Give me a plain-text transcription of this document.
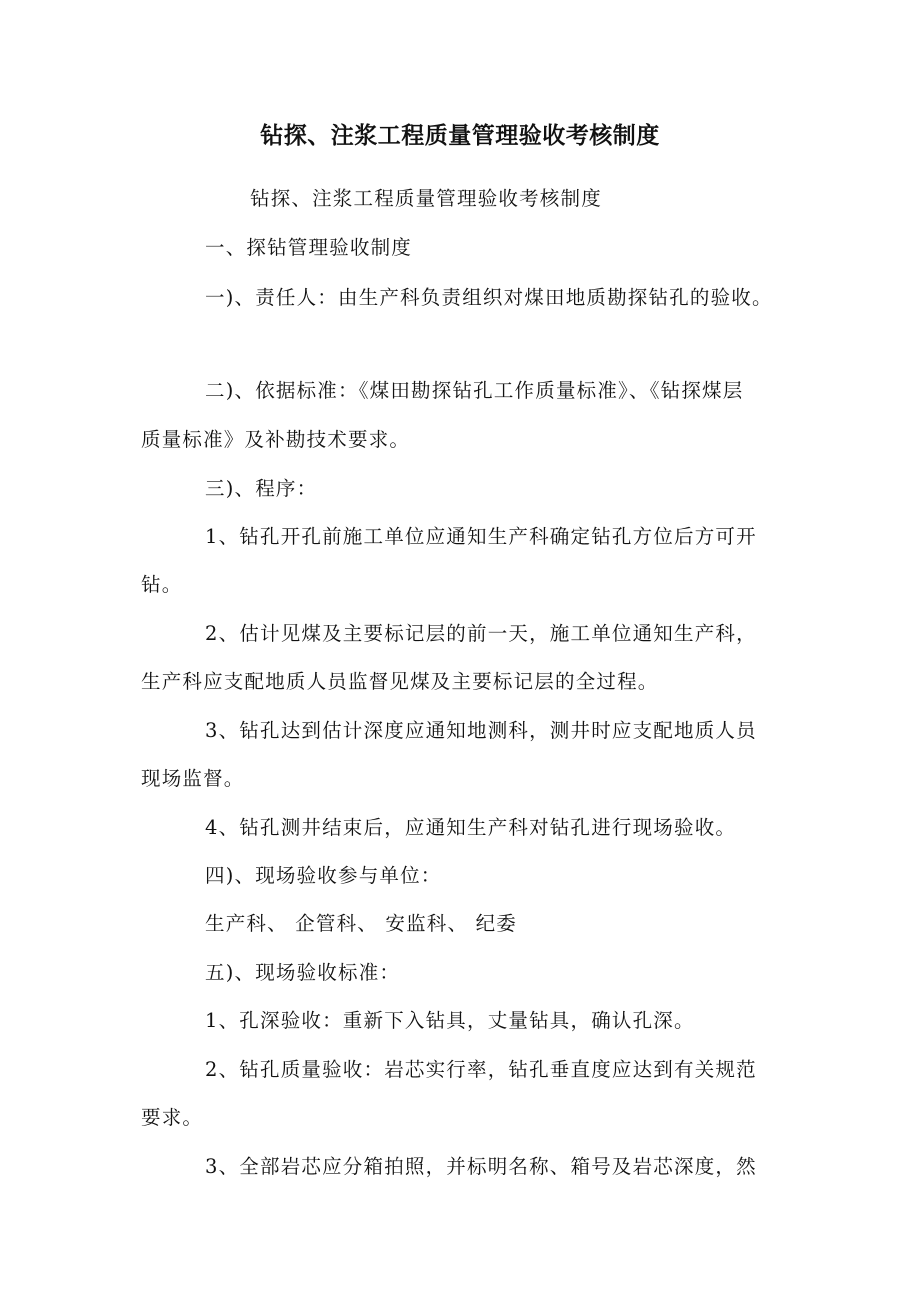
钻探、注浆工程质量管理验收考核制度
钻探、注浆工程质量管理验收考核制度
一、探钻管理验收制度
一)、责任人：由生产科负责组织对煤田地质勘探钻孔的验收。
二)、依据标准：《煤田勘探钻孔工作质量标准》、《钻探煤层
质量标准》及补勘技术要求。
三)、程序：
1、钻孔开孔前施工单位应通知生产科确定钻孔方位后方可开
钻。
2、估计见煤及主要标记层的前一天，施工单位通知生产科，
生产科应支配地质人员监督见煤及主要标记层的全过程。
3、钻孔达到估计深度应通知地测科，测井时应支配地质人员
现场监督。
4、钻孔测井结束后，应通知生产科对钻孔进行现场验收。
四)、现场验收参与单位：
生产科、 企管科、 安监科、 纪委
五)、现场验收标准：
1、孔深验收：重新下入钻具，丈量钻具，确认孔深。
2、钻孔质量验收：岩芯实行率，钻孔垂直度应达到有关规范
要求。
3、全部岩芯应分箱拍照，并标明名称、箱号及岩芯深度，然
